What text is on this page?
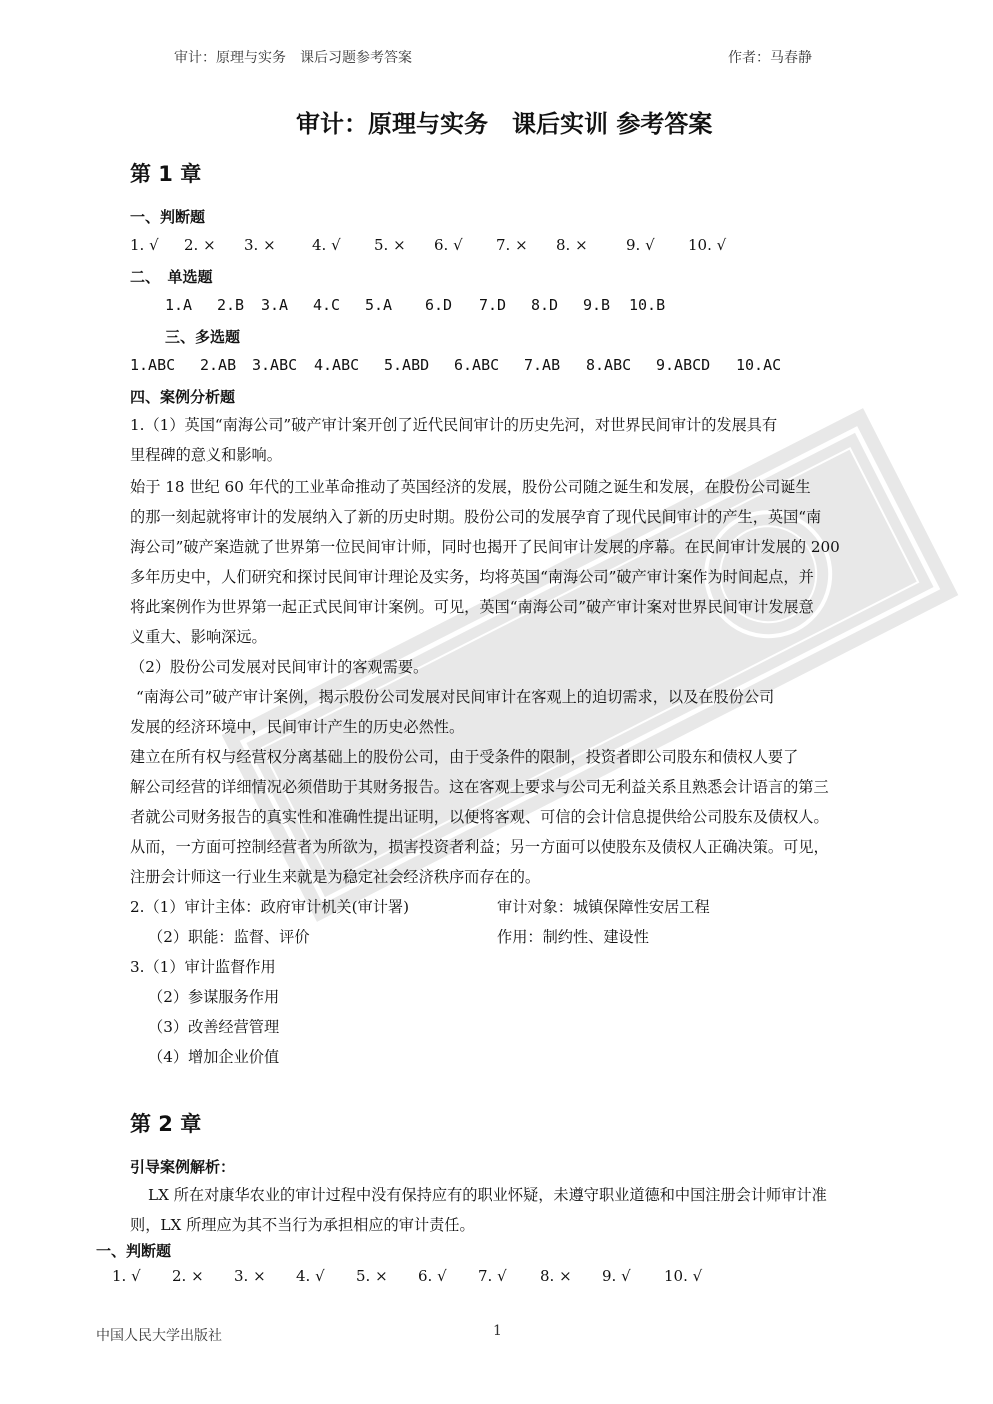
审计：原理与实务　课后习题参考答案	作者：马春静
审计：原理与实务　课后实训 参考答案
第 1 章
一、判断题
1. √ 2. × 3. × 4. √ 5. × 6. √ 7. × 8. ×	9. √ 10. √
二、　单选题
1.A 2.B 3.A 4.C 5.A 6.D 7.D 8.D 9.B 10.B
三、多选题
1.ABC 2.AB 3.ABC 4.ABC 5.ABD 6.ABC 7.AB 8.ABC 9.ABCD 10.AC
四、案例分析题
1.（1）英国“南海公司”破产审计案开创了近代民间审计的历史先河，对世界民间审计的发展具有
里程碑的意义和影响。
始于 18 世纪 60 年代的工业革命推动了英国经济的发展，股份公司随之诞生和发展，在股份公司诞生
的那一刻起就将审计的发展纳入了新的历史时期。股份公司的发展孕育了现代民间审计的产生，英国“南
海公司”破产案造就了世界第一位民间审计师，同时也揭开了民间审计发展的序幕。在民间审计发展的 200
多年历史中，人们研究和探讨民间审计理论及实务，均将英国“南海公司”破产审计案作为时间起点，并
将此案例作为世界第一起正式民间审计案例。可见，英国“南海公司”破产审计案对世界民间审计发展意
义重大、影响深远。
（2）股份公司发展对民间审计的客观需要。
“南海公司”破产审计案例，揭示股份公司发展对民间审计在客观上的迫切需求，以及在股份公司
发展的经济环境中，民间审计产生的历史必然性。
建立在所有权与经营权分离基础上的股份公司，由于受条件的限制，投资者即公司股东和债权人要了
解公司经营的详细情况必须借助于其财务报告。这在客观上要求与公司无利益关系且熟悉会计语言的第三
者就公司财务报告的真实性和准确性提出证明，以便将客观、可信的会计信息提供给公司股东及债权人。
从而，一方面可控制经营者为所欲为，损害投资者利益；另一方面可以使股东及债权人正确决策。可见，
注册会计师这一行业生来就是为稳定社会经济秩序而存在的。
2.（1）审计主体：政府审计机关(审计署)	审计对象：城镇保障性安居工程
（2）职能：监督、评价	作用：制约性、建设性
3.（1）审计监督作用
（2）参谋服务作用
（3）改善经营管理
（4）增加企业价值
第 2 章
引导案例解析：
LX 所在对康华农业的审计过程中没有保持应有的职业怀疑，未遵守职业道德和中国注册会计师审计准
则，LX 所理应为其不当行为承担相应的审计责任。
一、判断题
1. √ 2. × 3. × 4. √ 5. × 6. √ 7. √ 8. × 9. √ 10. √
中国人民大学出版社	1
